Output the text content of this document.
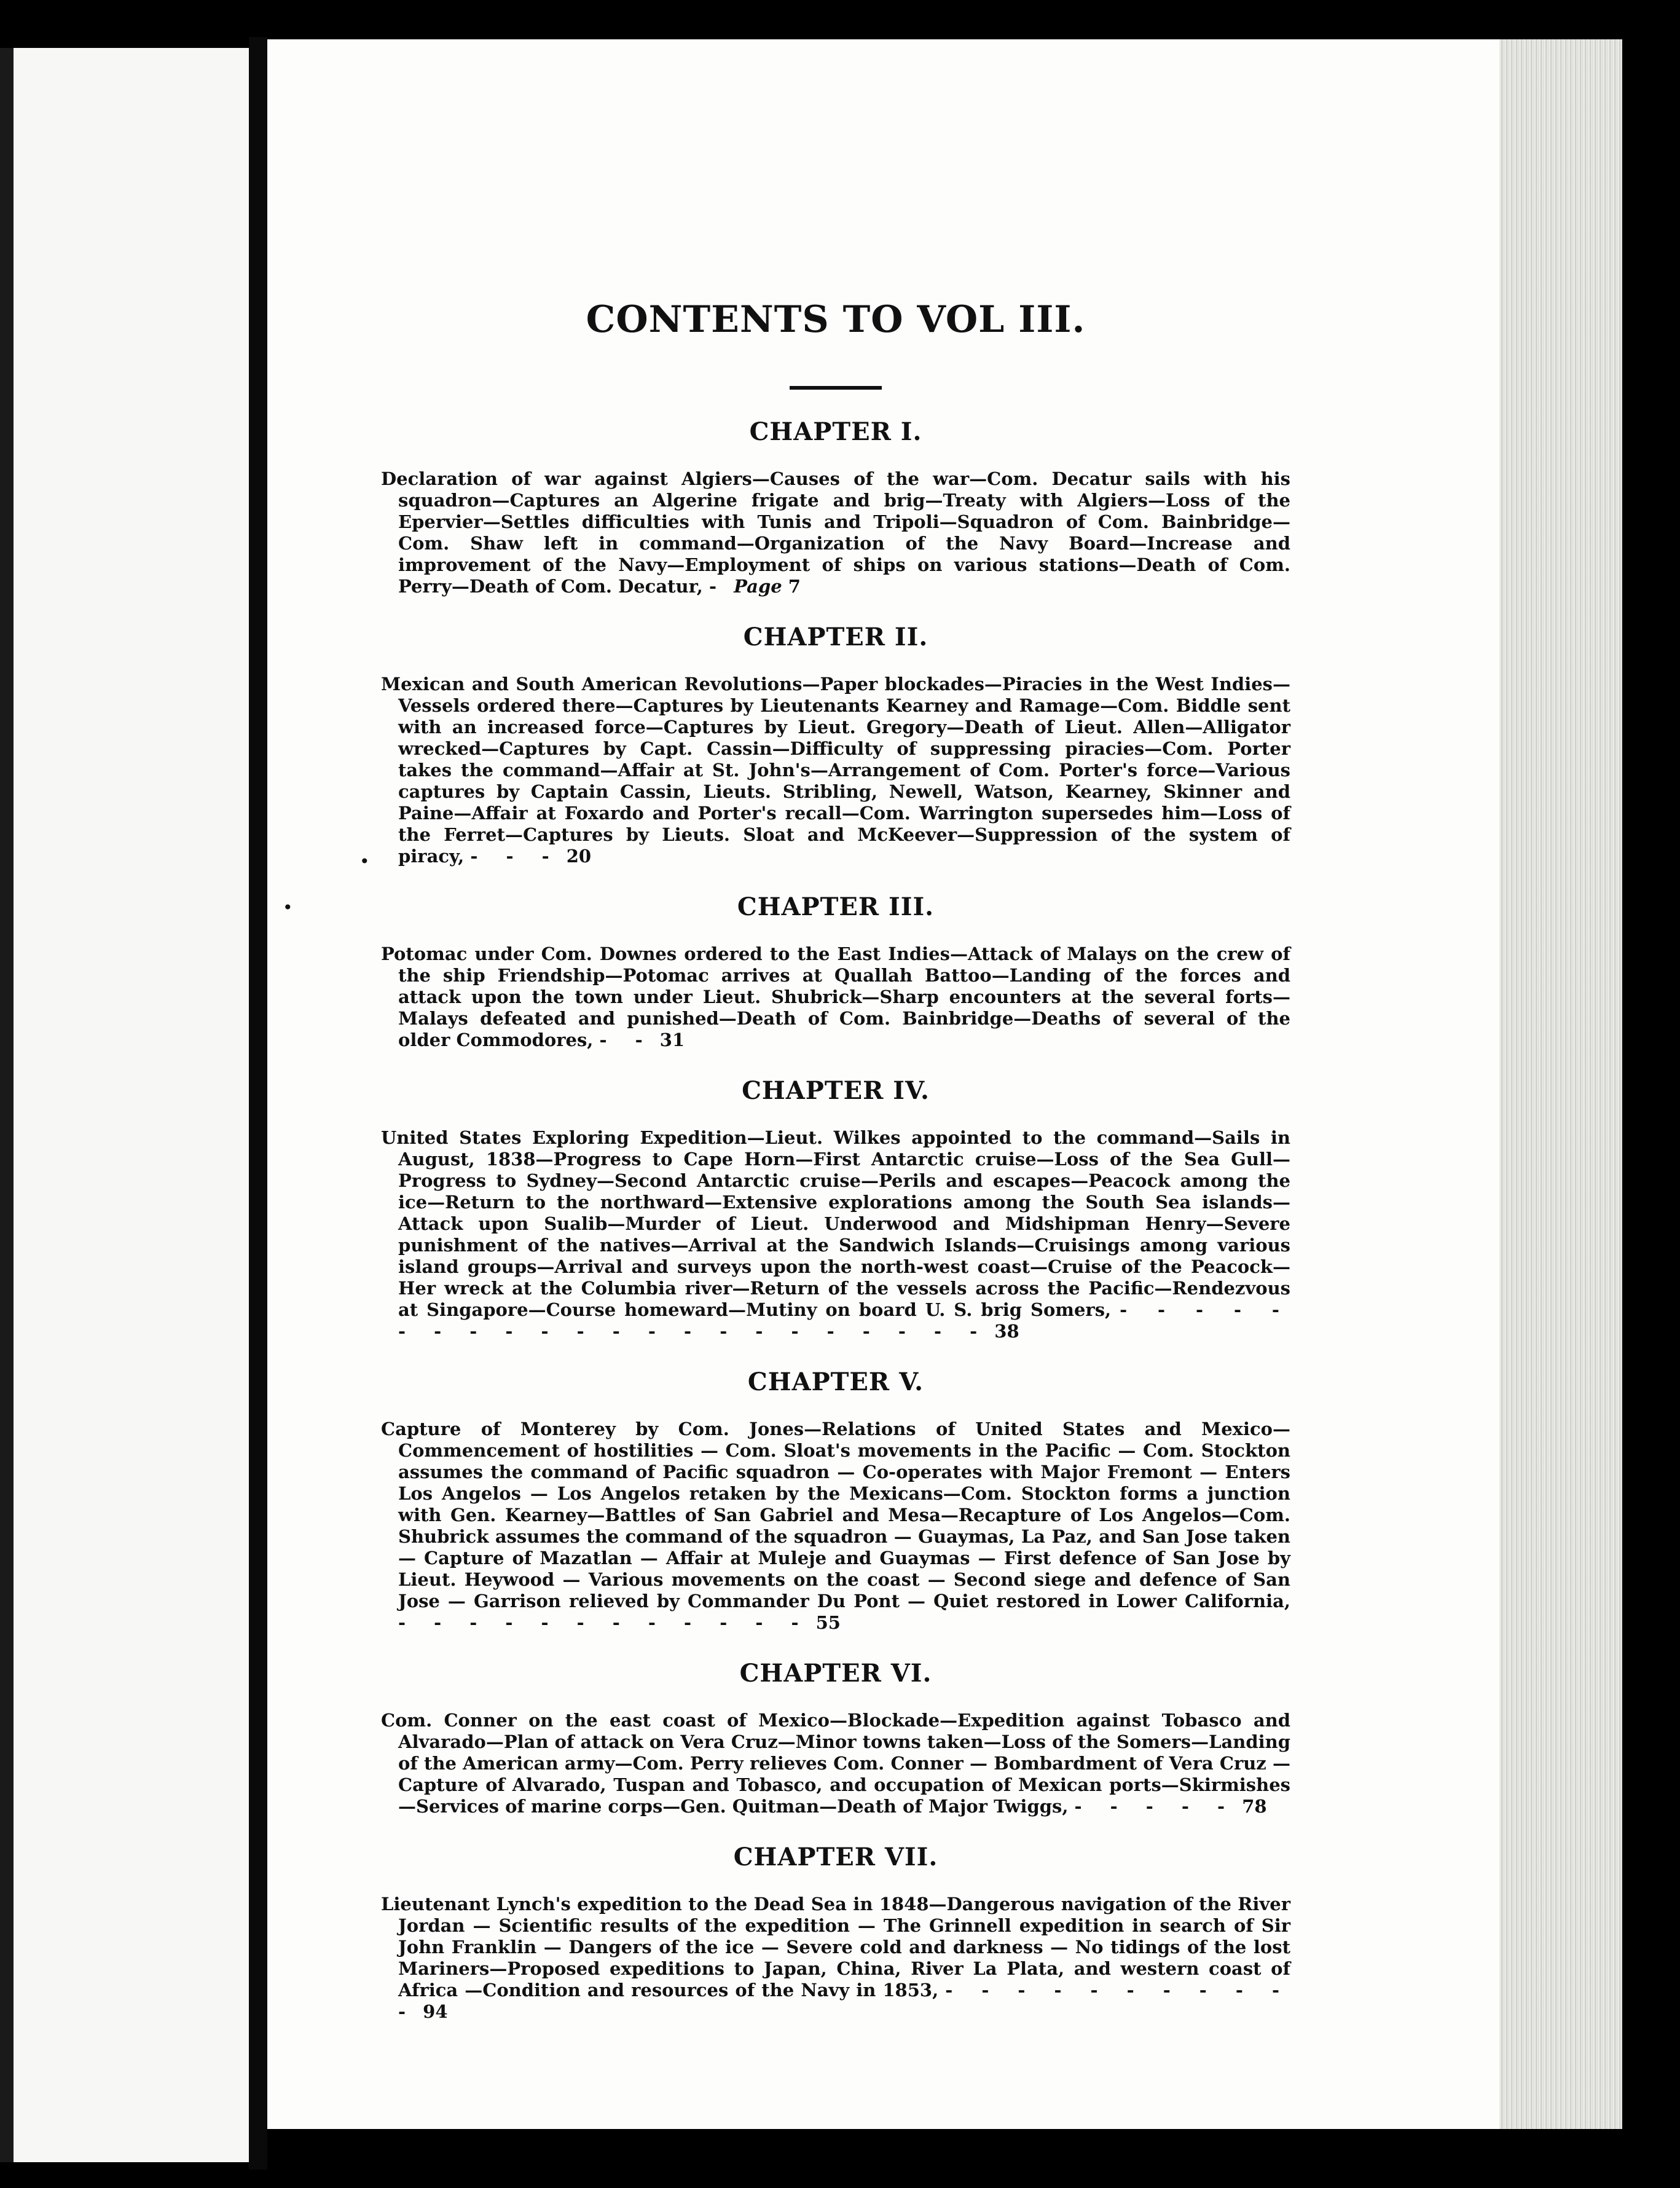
•
•
CONTENTS TO VOL III.
CHAPTER I.

Declaration of war against Algiers—Causes of the war—Com. Decatur sails with his squadron—Captures an Algerine frigate and brig—Treaty with Algiers—Loss of the Epervier—Settles difficulties with Tunis and Tripoli—Squadron of Com. Bainbridge—Com. Shaw left in command—Organization of the Navy Board—Increase and improvement of the Navy—Employment of ships on various stations—Death of Com. Perry—Death of Com. Decatur, - Page 7

CHAPTER II.

Mexican and South American Revolutions—Paper blockades—Piracies in the West Indies—Vessels ordered there—Captures by Lieutenants Kearney and Ramage—Com. Biddle sent with an increased force—Captures by Lieut. Gregory—Death of Lieut. Allen—Alligator wrecked—Captures by Capt. Cassin—Difficulty of suppressing piracies—Com. Porter takes the command—Affair at St. John's—Arrangement of Com. Porter's force—Various captures by Captain Cassin, Lieuts. Stribling, Newell, Watson, Kearney, Skinner and Paine—Affair at Foxardo and Porter's recall—Com. Warrington supersedes him—Loss of the Ferret—Captures by Lieuts. Sloat and McKeever—Suppression of the system of piracy, - - - 20

CHAPTER III.

Potomac under Com. Downes ordered to the East Indies—Attack of Malays on the crew of the ship Friendship—Potomac arrives at Quallah Battoo—Landing of the forces and attack upon the town under Lieut. Shubrick—Sharp encounters at the several forts—Malays defeated and punished—Death of Com. Bainbridge—Deaths of several of the older Commodores, - - 31

CHAPTER IV.

United States Exploring Expedition—Lieut. Wilkes appointed to the command—Sails in August, 1838—Progress to Cape Horn—First Antarctic cruise—Loss of the Sea Gull—Progress to Sydney—Second Antarctic cruise—Perils and escapes—Peacock among the ice—Return to the northward—Extensive explorations among the South Sea islands—Attack upon Sualib—Murder of Lieut. Underwood and Midshipman Henry—Severe punishment of the natives—Arrival at the Sandwich Islands—Cruisings among various island groups—Arrival and surveys upon the north-west coast—Cruise of the Peacock—Her wreck at the Columbia river—Return of the vessels across the Pacific—Rendezvous at Singapore—Course homeward—Mutiny on board U. S. brig Somers, - - - - - - - - - - - - - - - - - - - - - - 38

CHAPTER V.

Capture of Monterey by Com. Jones—Relations of United States and Mexico—Commencement of hostilities — Com. Sloat's movements in the Pacific — Com. Stockton assumes the command of Pacific squadron — Co-operates with Major Fremont — Enters Los Angelos — Los Angelos retaken by the Mexicans—Com. Stockton forms a junction with Gen. Kearney—Battles of San Gabriel and Mesa—Recapture of Los Angelos—Com. Shubrick assumes the command of the squadron — Guaymas, La Paz, and San Jose taken — Capture of Mazatlan — Affair at Muleje and Guaymas — First defence of San Jose by Lieut. Heywood — Various movements on the coast — Second siege and defence of San Jose — Garrison relieved by Commander Du Pont — Quiet restored in Lower California, - - - - - - - - - - - - 55

CHAPTER VI.

Com. Conner on the east coast of Mexico—Blockade—Expedition against Tobasco and Alvarado—Plan of attack on Vera Cruz—Minor towns taken—Loss of the Somers—Landing of the American army—Com. Perry relieves Com. Conner — Bombardment of Vera Cruz — Capture of Alvarado, Tuspan and Tobasco, and occupation of Mexican ports—Skirmishes—Services of marine corps—Gen. Quitman—Death of Major Twiggs, - - - - - 78

CHAPTER VII.

Lieutenant Lynch's expedition to the Dead Sea in 1848—Dangerous navigation of the River Jordan — Scientific results of the expedition — The Grinnell expedition in search of Sir John Franklin — Dangers of the ice — Severe cold and darkness — No tidings of the lost Mariners—Proposed expeditions to Japan, China, River La Plata, and western coast of Africa —Condition and resources of the Navy in 1853, - - - - - - - - - - - 94
